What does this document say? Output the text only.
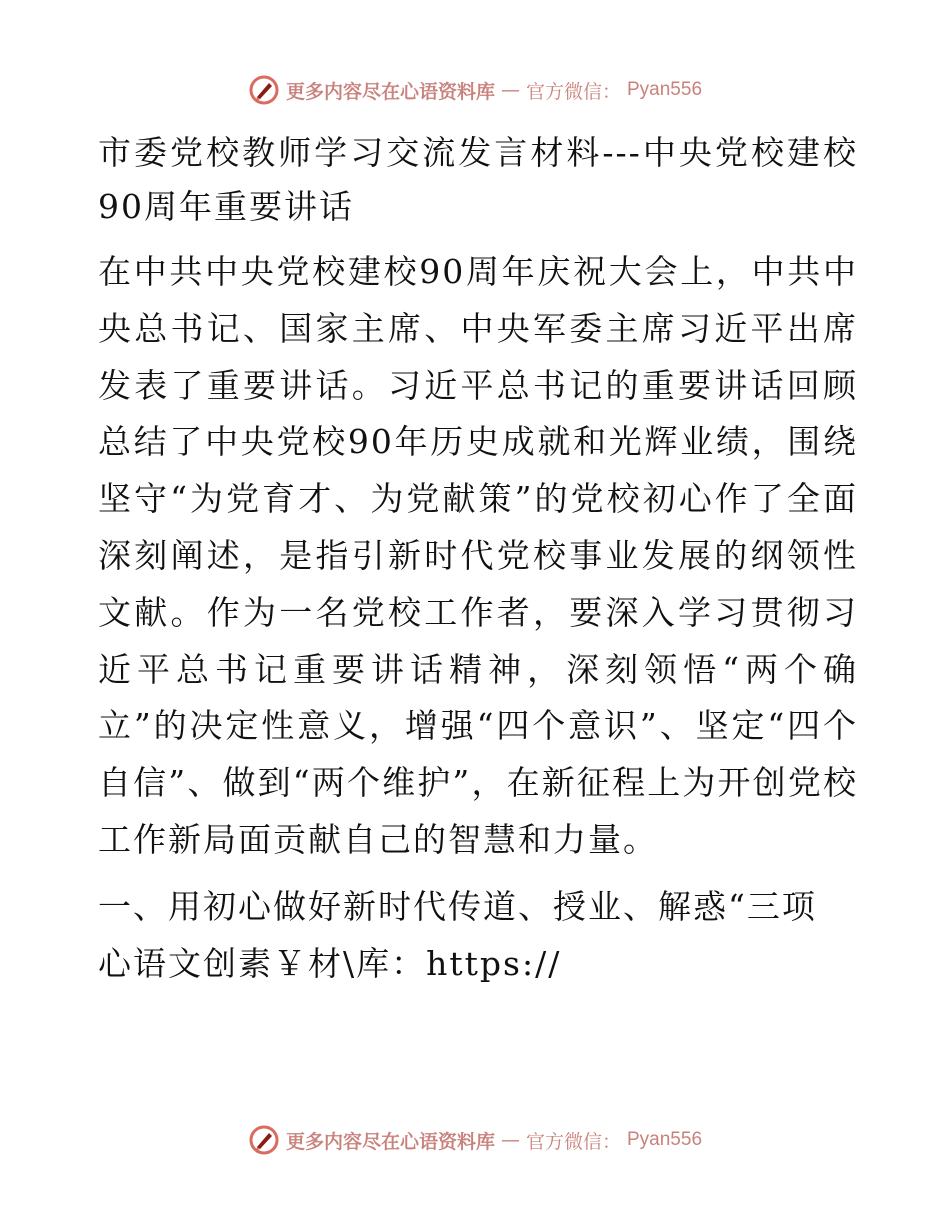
更多内容尽在心语资料库 — 官方微信： Pyan556

市委党校教师学习交流发言材料---中央党校建校90周年重要讲话

在中共中央党校建校90周年庆祝大会上，中共中央总书记、国家主席、中央军委主席习近平出席发表了重要讲话。习近平总书记的重要讲话回顾总结了中央党校90年历史成就和光辉业绩，围绕坚守“为党育才、为党献策”的党校初心作了全面深刻阐述，是指引新时代党校事业发展的纲领性文献。作为一名党校工作者，要深入学习贯彻习近平总书记重要讲话精神，深刻领悟“两个确立”的决定性意义，增强“四个意识”、坚定“四个自信”、做到“两个维护”，在新征程上为开创党校工作新局面贡献自己的智慧和力量。

一、用初心做好新时代传道、授业、解惑“三项

心语文创素￥材\库：https://

更多内容尽在心语资料库 — 官方微信： Pyan556
